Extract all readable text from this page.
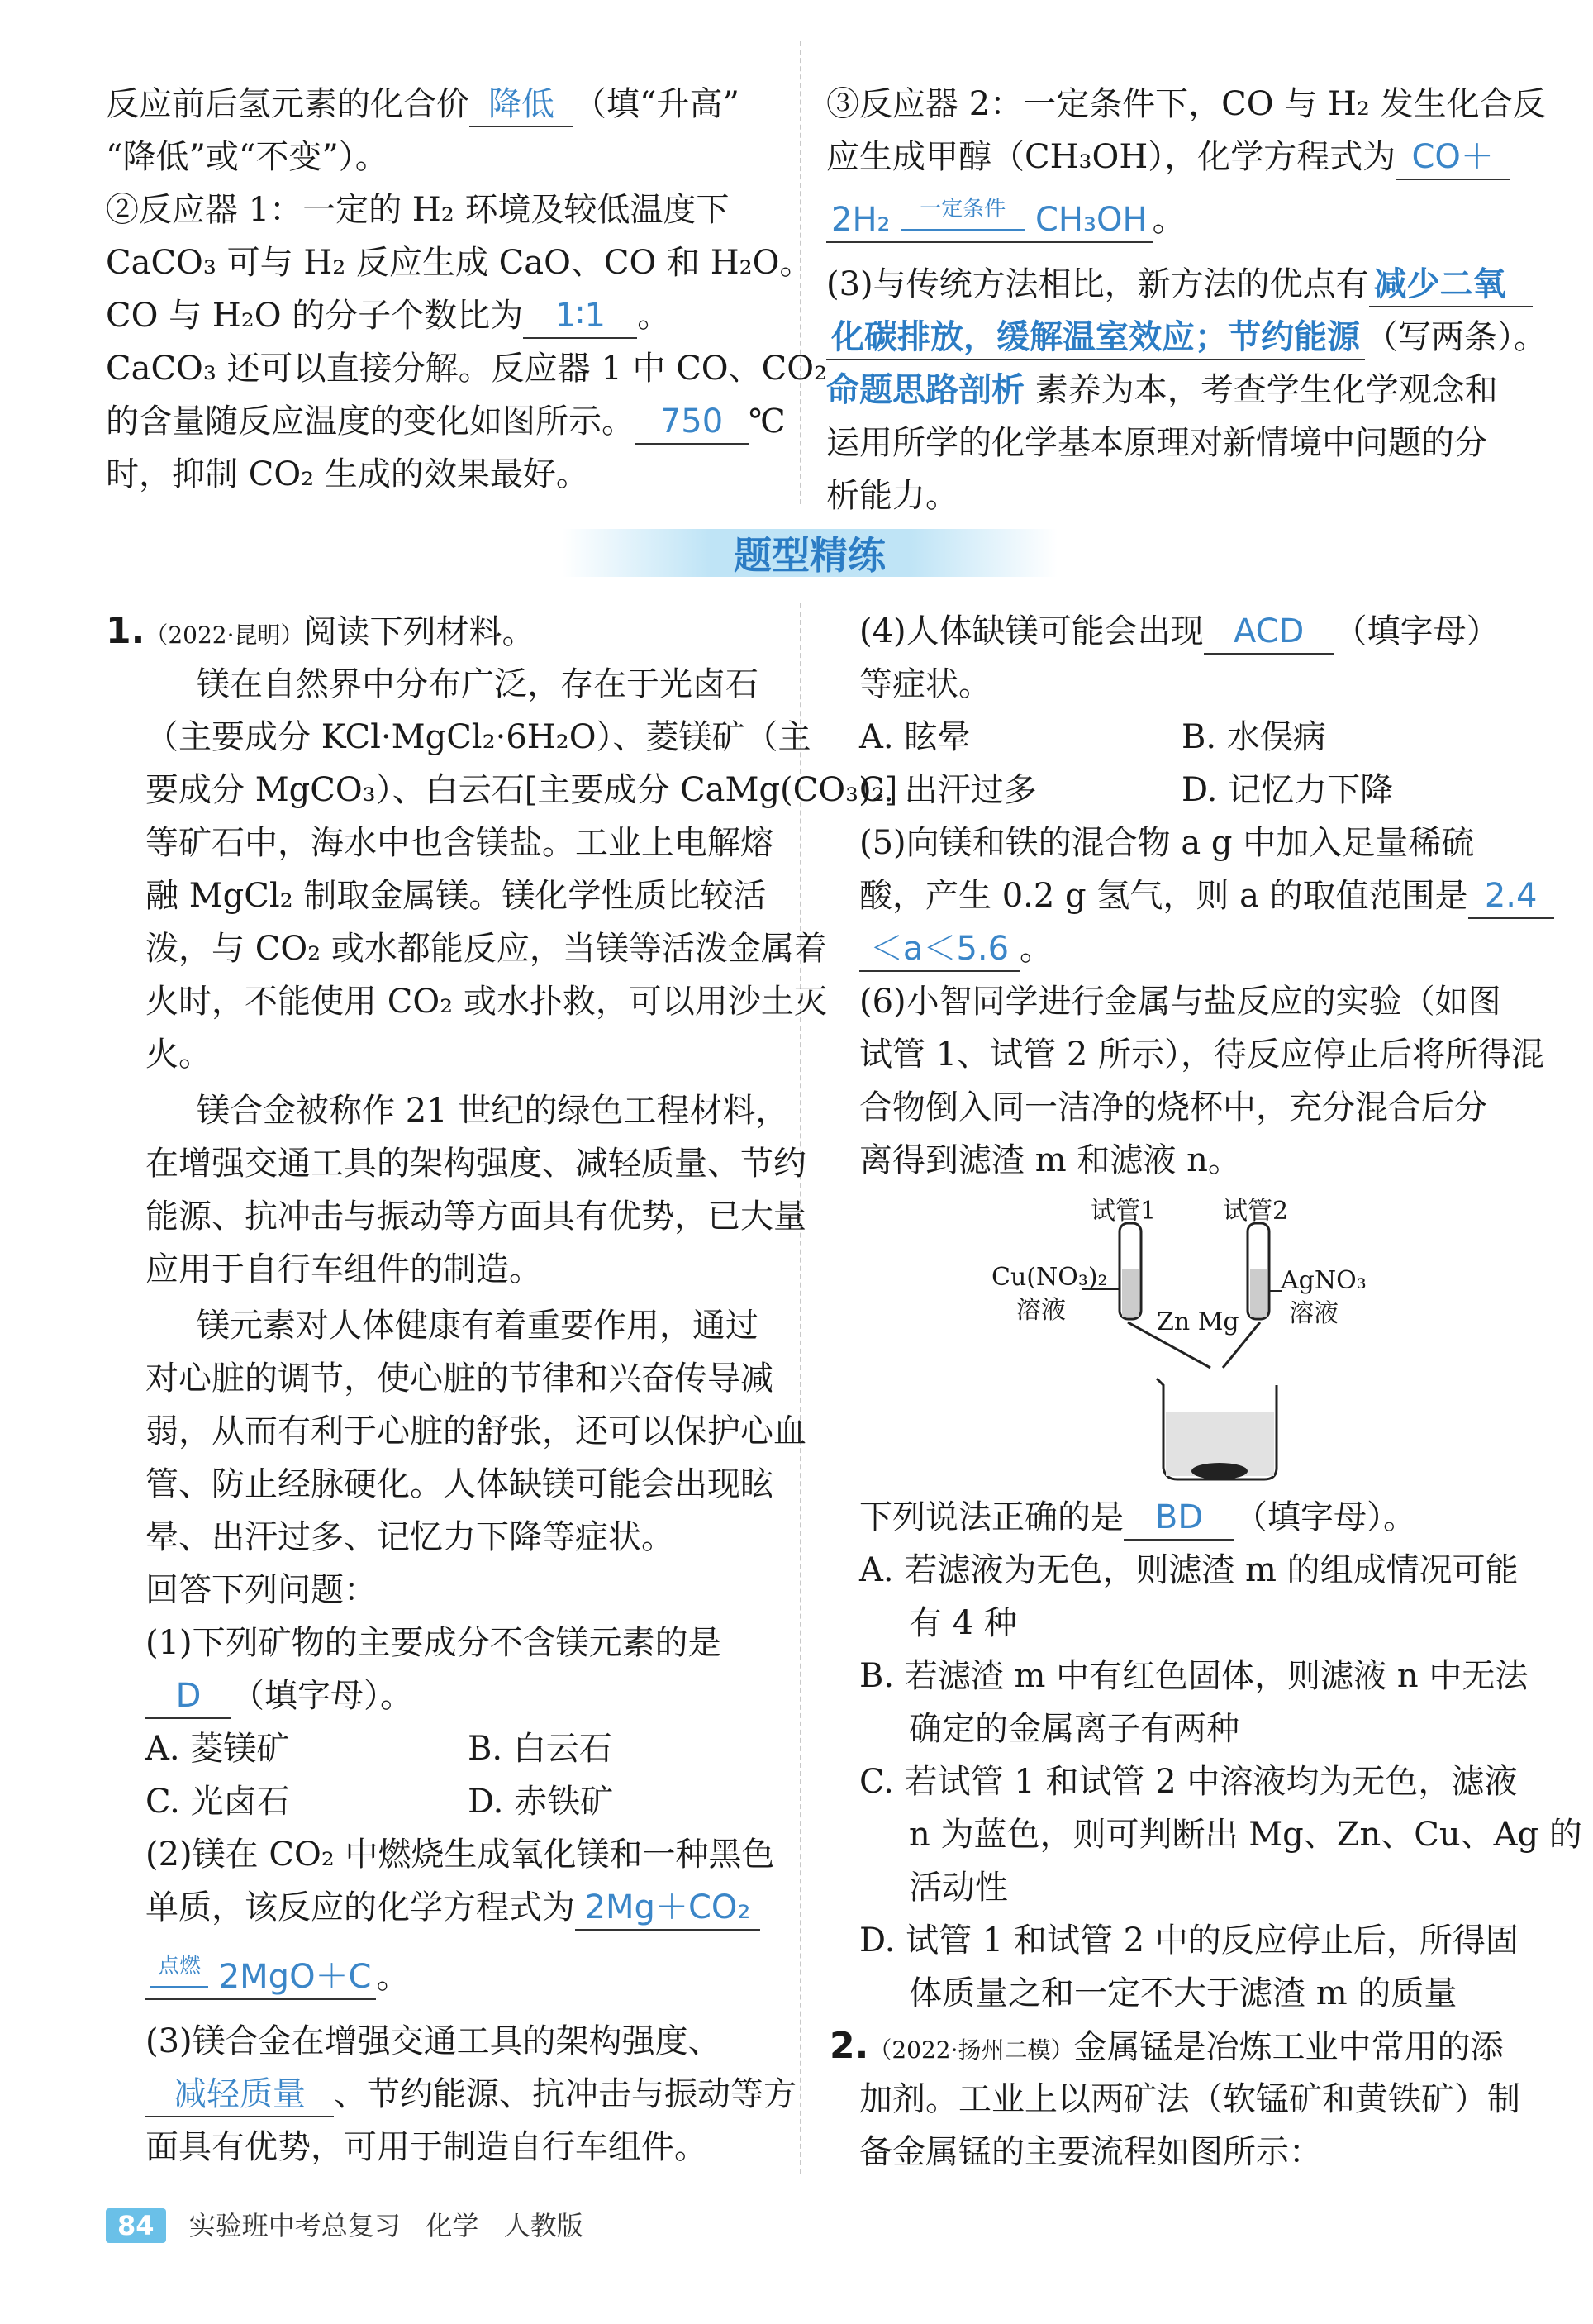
反应前后氢元素的化合价 降低 （填“升高”
“降低”或“不变”）。
②反应器 1：一定的 H₂ 环境及较低温度下
CaCO₃ 可与 H₂ 反应生成 CaO、CO 和 H₂O。
CO 与 H₂O 的分子个数比为 1∶1 。
CaCO₃ 还可以直接分解。反应器 1 中 CO、CO₂
的含量随反应温度的变化如图所示。 750 ℃
时，抑制 CO₂ 生成的效果最好。
③反应器 2：一定条件下，CO 与 H₂ 发生化合反
应生成甲醇（CH₃OH），化学方程式为 CO＋
2H₂	一定条件 CH₃OH 。
(3)与传统方法相比，新方法的优点有 减少二氧
化碳排放，缓解温室效应；节约能源 （写两条）。
命题思路剖析 素养为本，考查学生化学观念和
运用所学的化学基本原理对新情境中问题的分
析能力。
题型精练
1.（2022·昆明）阅读下列材料。
镁在自然界中分布广泛，存在于光卤石
（主要成分 KCl·MgCl₂·6H₂O）、菱镁矿（主
要成分 MgCO₃）、白云石[主要成分 CaMg(CO₃)₂]
等矿石中，海水中也含镁盐。工业上电解熔
融 MgCl₂ 制取金属镁。镁化学性质比较活
泼，与 CO₂ 或水都能反应，当镁等活泼金属着
火时，不能使用 CO₂ 或水扑救，可以用沙土灭
火。
镁合金被称作 21 世纪的绿色工程材料，
在增强交通工具的架构强度、减轻质量、节约
能源、抗冲击与振动等方面具有优势，已大量
应用于自行车组件的制造。
镁元素对人体健康有着重要作用，通过
对心脏的调节，使心脏的节律和兴奋传导减
弱，从而有利于心脏的舒张，还可以保护心血
管、防止经脉硬化。人体缺镁可能会出现眩
晕、出汗过多、记忆力下降等症状。
回答下列问题：
(1)下列矿物的主要成分不含镁元素的是
D （填字母）。
A. 菱镁矿	B. 白云石
C. 光卤石	D. 赤铁矿
(2)镁在 CO₂ 中燃烧生成氧化镁和一种黑色
单质，该反应的化学方程式为 2Mg＋CO₂
点燃 2MgO＋C 。
(3)镁合金在增强交通工具的架构强度、
减轻质量 、节约能源、抗冲击与振动等方
面具有优势，可用于制造自行车组件。
(4)人体缺镁可能会出现 ACD （填字母）
等症状。
A. 眩晕	B. 水俣病
C. 出汗过多	D. 记忆力下降
(5)向镁和铁的混合物 a g 中加入足量稀硫
酸，产生 0.2 g 氢气，则 a 的取值范围是 2.4
＜a＜5.6 。
(6)小智同学进行金属与盐反应的实验（如图
试管 1、试管 2 所示），待反应停止后将所得混
合物倒入同一洁净的烧杯中，充分混合后分
离得到滤渣 m 和滤液 n。
试管1	试管2
Cu(NO₃)₂
溶液
AgNO₃
溶液
Zn Mg
下列说法正确的是 BD （填字母）。
A. 若滤液为无色，则滤渣 m 的组成情况可能
有 4 种
B. 若滤渣 m 中有红色固体，则滤液 n 中无法
确定的金属离子有两种
C. 若试管 1 和试管 2 中溶液均为无色，滤液
n 为蓝色，则可判断出 Mg、Zn、Cu、Ag 的
活动性
D. 试管 1 和试管 2 中的反应停止后，所得固
体质量之和一定不大于滤渣 m 的质量
2.（2022·扬州二模）金属锰是冶炼工业中常用的添
加剂。工业上以两矿法（软锰矿和黄铁矿）制
备金属锰的主要流程如图所示：
84 实验班中考总复习 化学 人教版
